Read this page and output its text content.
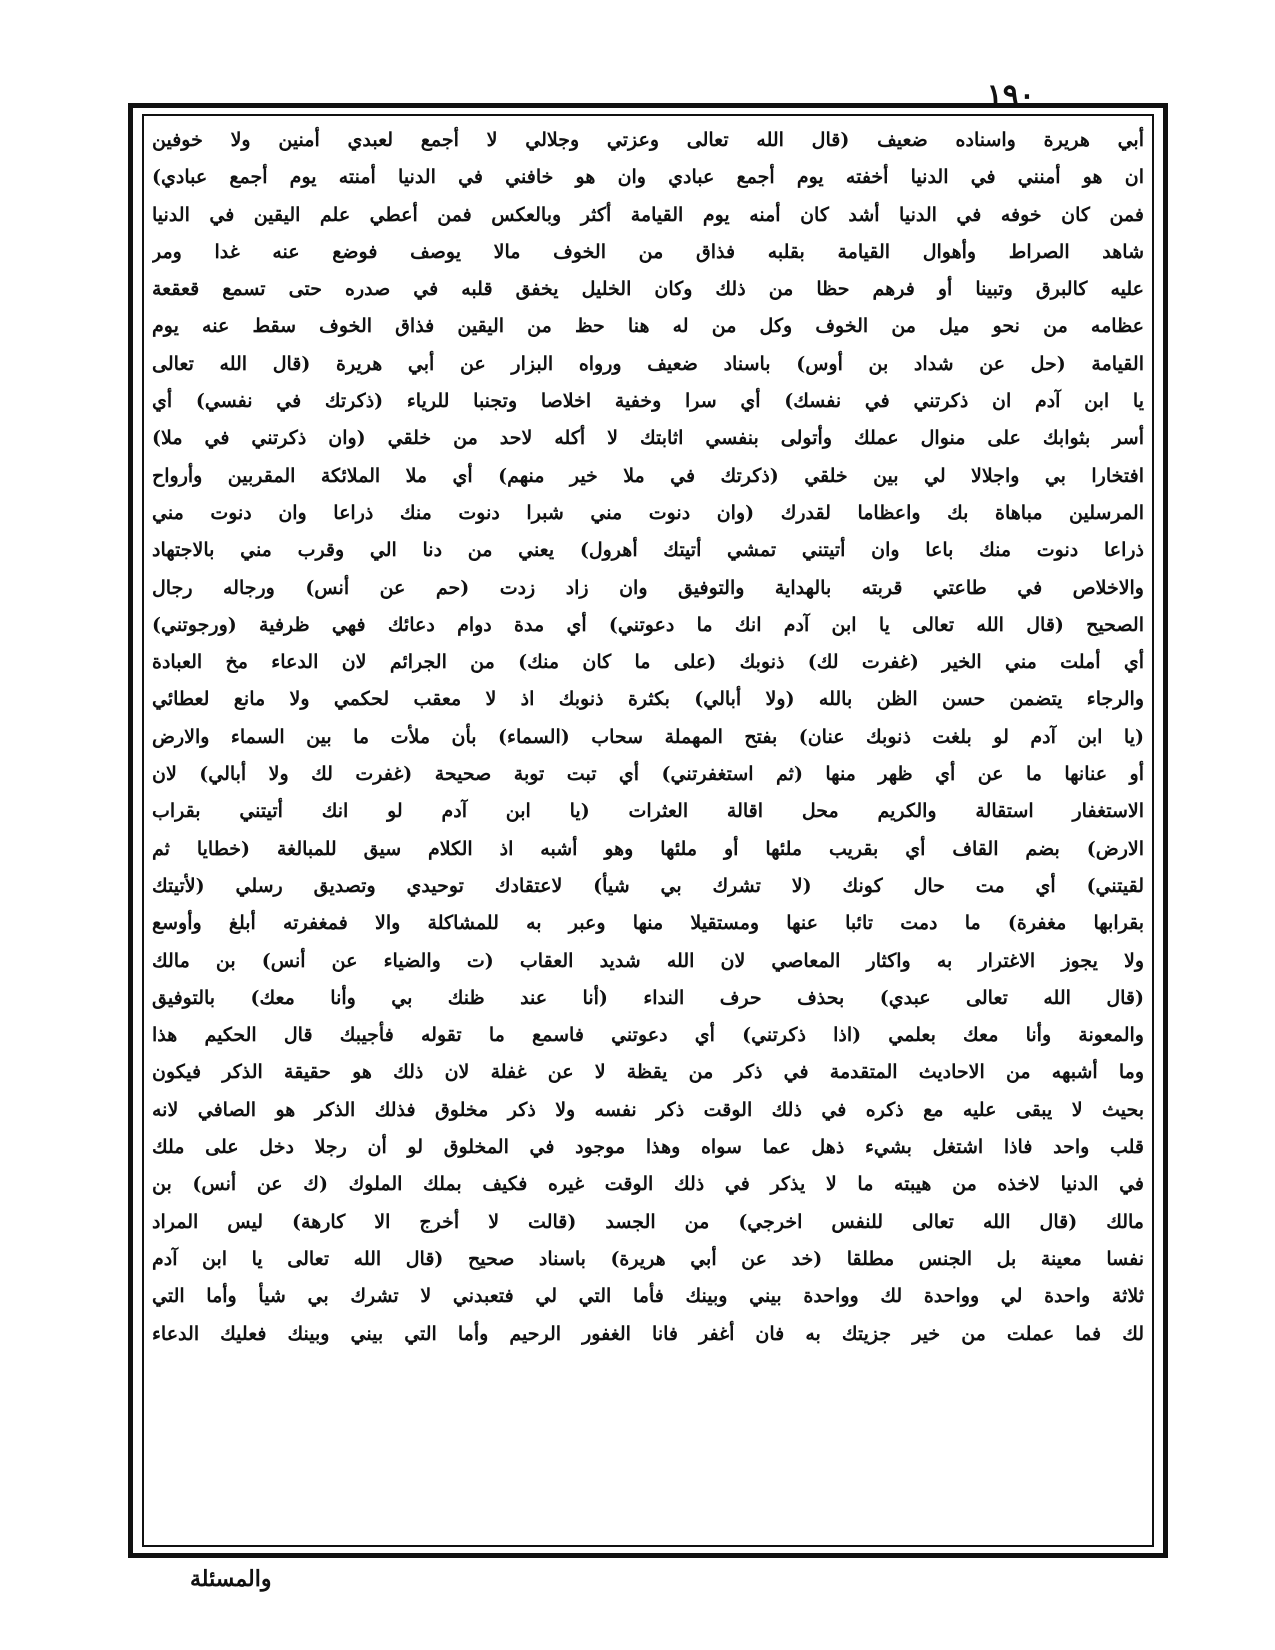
١٩٠
أبي هريرة واسناده ضعيف (قال الله تعالى وعزتي وجلالي لا أجمع لعبدي أمنين ولا خوفين
ان هو أمنني في الدنيا أخفته يوم أجمع عبادي وان هو خافني في الدنيا أمنته يوم أجمع عبادي)
فمن كان خوفه في الدنيا أشد كان أمنه يوم القيامة أكثر وبالعكس فمن أعطي علم اليقين في الدنيا
شاهد الصراط وأهوال القيامة بقلبه فذاق من الخوف مالا يوصف فوضع عنه غدا ومر
عليه كالبرق وتبينا أو فرهم حظا من ذلك وكان الخليل يخفق قلبه في صدره حتى تسمع قعقعة
عظامه من نحو ميل من الخوف وكل من له هنا حظ من اليقين فذاق الخوف سقط عنه يوم
القيامة (حل عن شداد بن أوس) باسناد ضعيف ورواه البزار عن أبي هريرة (قال الله تعالى
يا ابن آدم ان ذكرتني في نفسك) أي سرا وخفية اخلاصا وتجنبا للرياء (ذكرتك في نفسي) أي
أسر بثوابك على منوال عملك وأتولى بنفسي اثابتك لا أكله لاحد من خلقي (وان ذكرتني في ملا)
افتخارا بي واجلالا لي بين خلقي (ذكرتك في ملا خير منهم) أي ملا الملائكة المقربين وأرواح
المرسلين مباهاة بك واعظاما لقدرك (وان دنوت مني شبرا دنوت منك ذراعا وان دنوت مني
ذراعا دنوت منك باعا وان أتيتني تمشي أتيتك أهرول) يعني من دنا الي وقرب مني بالاجتهاد
والاخلاص في طاعتي قربته بالهداية والتوفيق وان زاد زدت (حم عن أنس) ورجاله رجال
الصحيح (قال الله تعالى يا ابن آدم انك ما دعوتني) أي مدة دوام دعائك فهي ظرفية (ورجوتني)
أي أملت مني الخير (غفرت لك) ذنوبك (على ما كان منك) من الجرائم لان الدعاء مخ العبادة
والرجاء يتضمن حسن الظن بالله (ولا أبالي) بكثرة ذنوبك اذ لا معقب لحكمي ولا مانع لعطائي
(يا ابن آدم لو بلغت ذنوبك عنان) بفتح المهملة سحاب (السماء) بأن ملأت ما بين السماء والارض
أو عنانها ما عن أي ظهر منها (ثم استغفرتني) أي تبت توبة صحيحة (غفرت لك ولا أبالي) لان
الاستغفار استقالة والكريم محل اقالة العثرات (يا ابن آدم لو انك أتيتني بقراب
الارض) بضم القاف أي بقريب ملئها أو ملئها وهو أشبه اذ الكلام سيق للمبالغة (خطايا ثم
لقيتني) أي مت حال كونك (لا تشرك بي شيأ) لاعتقادك توحيدي وتصديق رسلي (لأتيتك
بقرابها مغفرة) ما دمت تائبا عنها ومستقيلا منها وعبر به للمشاكلة والا فمغفرته أبلغ وأوسع
ولا يجوز الاغترار به واكثار المعاصي لان الله شديد العقاب (ت والضياء عن أنس) بن مالك
(قال الله تعالى عبدي) بحذف حرف النداء (أنا عند ظنك بي وأنا معك) بالتوفيق
والمعونة وأنا معك بعلمي (اذا ذكرتني) أي دعوتني فاسمع ما تقوله فأجيبك قال الحكيم هذا
وما أشبهه من الاحاديث المتقدمة في ذكر من يقظة لا عن غفلة لان ذلك هو حقيقة الذكر فيكون
بحيث لا يبقى عليه مع ذكره في ذلك الوقت ذكر نفسه ولا ذكر مخلوق فذلك الذكر هو الصافي لانه
قلب واحد فاذا اشتغل بشيء ذهل عما سواه وهذا موجود في المخلوق لو أن رجلا دخل على ملك
في الدنيا لاخذه من هيبته ما لا يذكر في ذلك الوقت غيره فكيف بملك الملوك (ك عن أنس) بن
مالك (قال الله تعالى للنفس اخرجي) من الجسد (قالت لا أخرج الا كارهة) ليس المراد
نفسا معينة بل الجنس مطلقا (خد عن أبي هريرة) باسناد صحيح (قال الله تعالى يا ابن آدم
ثلاثة واحدة لي وواحدة لك وواحدة بيني وبينك فأما التي لي فتعبدني لا تشرك بي شيأ وأما التي
لك فما عملت من خير جزيتك به فان أغفر فانا الغفور الرحيم وأما التي بيني وبينك فعليك الدعاء
والمسئلة
